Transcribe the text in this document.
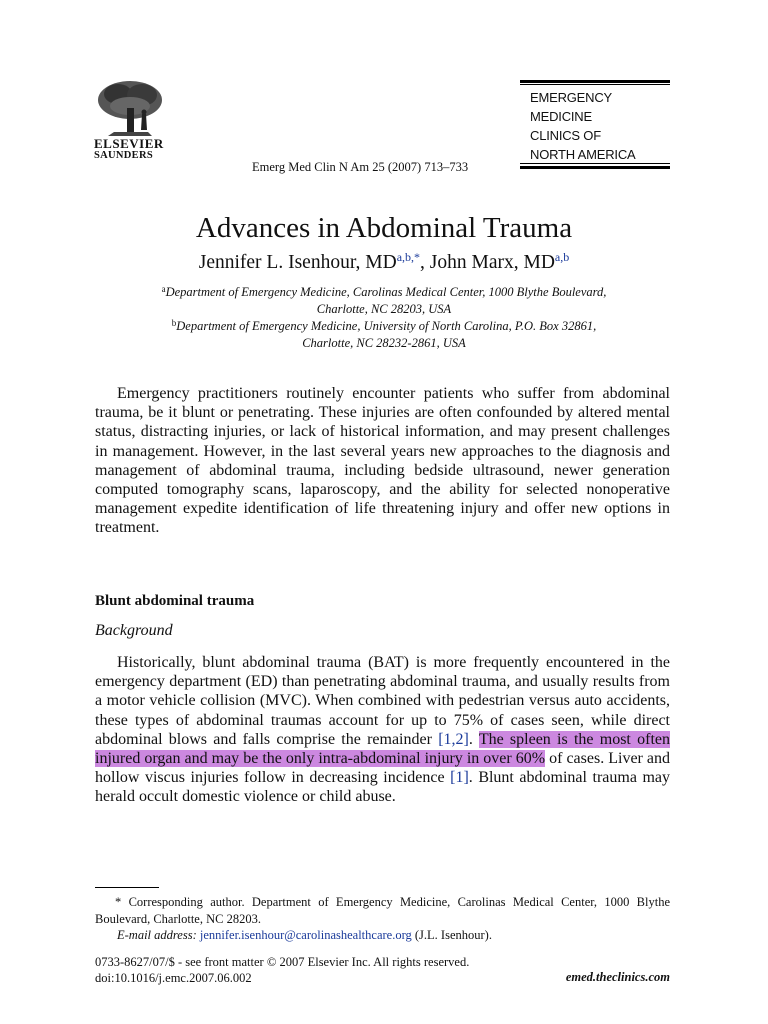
ELSEVIER
SAUNDERS
Emerg Med Clin N Am 25 (2007) 713–733
EMERGENCY
MEDICINE
CLINICS OF
NORTH AMERICA
Advances in Abdominal Trauma
Jennifer L. Isenhour, $MD^{a,b,*}$, John Marx, MD$^{a,b}$
$^a$Department of Emergency Medicine, Carolinas Medical Center, 1000 Blythe Boulevard,
Charlotte, NC 28203, USA
$^b$Department of Emergency Medicine, University of North Carolina, P.O. Box 32861,
Charlotte, NC 28232-2861, USA
Emergency practitioners routinely encounter patients who suffer from abdominal trauma, be it blunt or penetrating. These injuries are often confounded by altered mental status, distracting injuries, or lack of historical information, and may present challenges in management. However, in the last several years new approaches to the diagnosis and management of abdominal trauma, including bedside ultrasound, newer generation computed tomography scans, laparoscopy, and the ability for selected nonoperative management expedite identification of life threatening injury and offer new options in treatment.
Blunt abdominal trauma
Background
Historically, blunt abdominal trauma (BAT) is more frequently encountered in the emergency department (ED) than penetrating abdominal trauma, and usually results from a motor vehicle collision (MVC). When combined with pedestrian versus auto accidents, these types of abdominal traumas account for up to 75% of cases seen, while direct abdominal blows and falls comprise the remainder [1,2]. The spleen is the most often injured organ and may be the only intra-abdominal injury in over 60% of cases. Liver and hollow viscus injuries follow in decreasing incidence [1]. Blunt abdominal trauma may herald occult domestic violence or child abuse.
* Corresponding author. Department of Emergency Medicine, Carolinas Medical Center, 1000 Blythe Boulevard, Charlotte, NC 28203.
E-mail address: jennifer.isenhour@carolinashealthcare.org (J.L. Isenhour).
0733-8627/07/$ - see front matter © 2007 Elsevier Inc. All rights reserved.
doi:10.1016/j.emc.2007.06.002	emed.theclinics.com
